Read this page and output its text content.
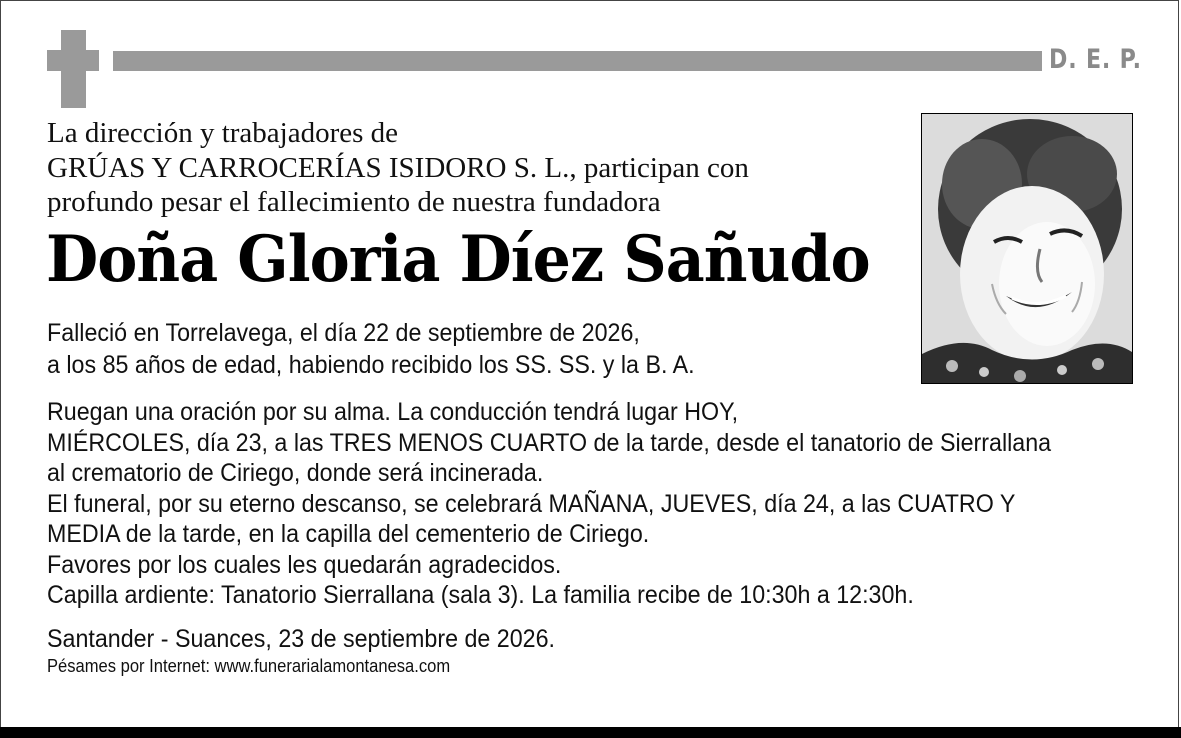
D. E. P.
La dirección y trabajadores de
GRÚAS Y CARROCERÍAS ISIDORO S. L., participan con
profundo pesar el fallecimiento de nuestra fundadora
Doña Gloria Díez Sañudo
Falleció en Torrelavega, el día 22 de septiembre de 2026,
a los 85 años de edad, habiendo recibido los SS. SS. y la B. A.
Ruegan una oración por su alma. La conducción tendrá lugar HOY,
MIÉRCOLES, día 23, a las TRES MENOS CUARTO de la tarde, desde el tanatorio de Sierrallana
al crematorio de Ciriego, donde será incinerada.
El funeral, por su eterno descanso, se celebrará MAÑANA, JUEVES, día 24, a las CUATRO Y
MEDIA de la tarde, en la capilla del cementerio de Ciriego.
Favores por los cuales les quedarán agradecidos.
Capilla ardiente: Tanatorio Sierrallana (sala 3). La familia recibe de 10:30h a 12:30h.
Santander - Suances, 23 de septiembre de 2026.
Pésames por Internet: www.funerarialamontanesa.com
